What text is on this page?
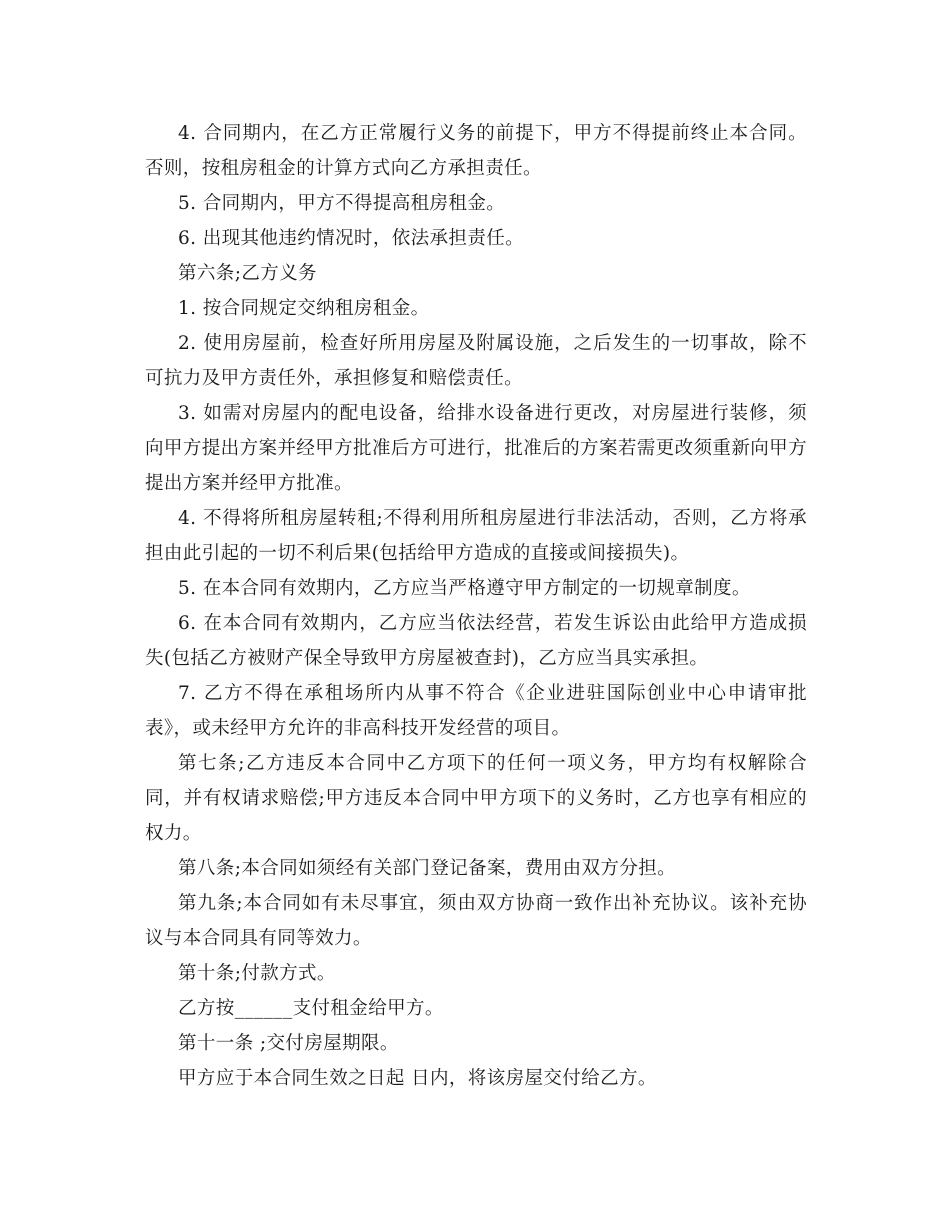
4. 合同期内，在乙方正常履行义务的前提下，甲方不得提前终止本合同。否则，按租房租金的计算方式向乙方承担责任。

5. 合同期内，甲方不得提高租房租金。

6. 出现其他违约情况时，依法承担责任。

第六条;乙方义务

1. 按合同规定交纳租房租金。

2. 使用房屋前，检查好所用房屋及附属设施，之后发生的一切事故，除不可抗力及甲方责任外，承担修复和赔偿责任。

3. 如需对房屋内的配电设备，给排水设备进行更改，对房屋进行装修，须向甲方提出方案并经甲方批准后方可进行，批准后的方案若需更改须重新向甲方提出方案并经甲方批准。

4. 不得将所租房屋转租;不得利用所租房屋进行非法活动，否则，乙方将承担由此引起的一切不利后果(包括给甲方造成的直接或间接损失)。

5. 在本合同有效期内，乙方应当严格遵守甲方制定的一切规章制度。

6. 在本合同有效期内，乙方应当依法经营，若发生诉讼由此给甲方造成损失(包括乙方被财产保全导致甲方房屋被查封)，乙方应当具实承担。

7. 乙方不得在承租场所内从事不符合《企业进驻国际创业中心申请审批表》，或未经甲方允许的非高科技开发经营的项目。

第七条;乙方违反本合同中乙方项下的任何一项义务，甲方均有权解除合同，并有权请求赔偿;甲方违反本合同中甲方项下的义务时，乙方也享有相应的权力。

第八条;本合同如须经有关部门登记备案，费用由双方分担。

第九条;本合同如有未尽事宜，须由双方协商一致作出补充协议。该补充协议与本合同具有同等效力。

第十条;付款方式。

乙方按______支付租金给甲方。

第十一条 ;交付房屋期限。

甲方应于本合同生效之日起 日内，将该房屋交付给乙方。
